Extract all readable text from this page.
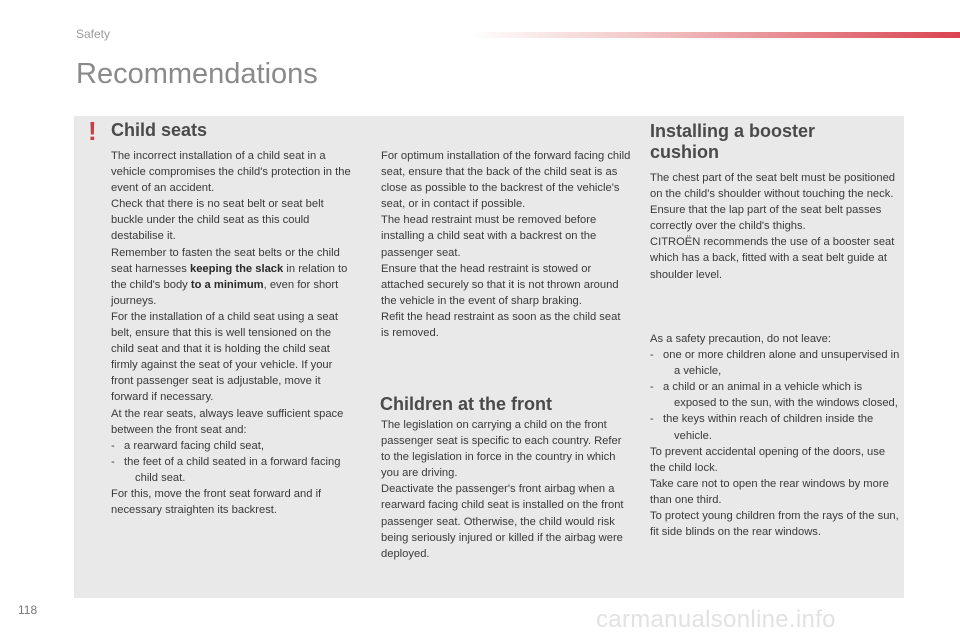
Safety
Recommendations
! Child seats

The incorrect installation of a child seat in a vehicle compromises the child's protection in the event of an accident.

Check that there is no seat belt or seat belt buckle under the child seat as this could destabilise it.

Remember to fasten the seat belts or the child seat harnesses keeping the slack in relation to the child's body to a minimum, even for short journeys.

For the installation of a child seat using a seat belt, ensure that this is well tensioned on the child seat and that it is holding the child seat firmly against the seat of your vehicle. If your front passenger seat is adjustable, move it forward if necessary.

At the rear seats, always leave sufficient space between the front seat and:

-   a rearward facing child seat,

-   the feet of a child seated in a forward facing child seat.

For this, move the front seat forward and if necessary straighten its backrest.

For optimum installation of the forward facing child seat, ensure that the back of the child seat is as close as possible to the backrest of the vehicle's seat, or in contact if possible.

The head restraint must be removed before installing a child seat with a backrest on the passenger seat.

Ensure that the head restraint is stowed or attached securely so that it is not thrown around the vehicle in the event of sharp braking.

Refit the head restraint as soon as the child seat is removed.

Children at the front

The legislation on carrying a child on the front passenger seat is specific to each country. Refer to the legislation in force in the country in which you are driving.

Deactivate the passenger's front airbag when a rearward facing child seat is installed on the front passenger seat. Otherwise, the child would risk being seriously injured or killed if the airbag were deployed.

Installing a booster cushion

The chest part of the seat belt must be positioned on the child's shoulder without touching the neck.

Ensure that the lap part of the seat belt passes correctly over the child's thighs.

CITROËN recommends the use of a booster seat which has a back, fitted with a seat belt guide at shoulder level.

As a safety precaution, do not leave:

-   one or more children alone and unsupervised in a vehicle,

-   a child or an animal in a vehicle which is exposed to the sun, with the windows closed,

-   the keys within reach of children inside the vehicle.

To prevent accidental opening of the doors, use the child lock.

Take care not to open the rear windows by more than one third.

To protect young children from the rays of the sun, fit side blinds on the rear windows.

118	carmanualsonline.info
